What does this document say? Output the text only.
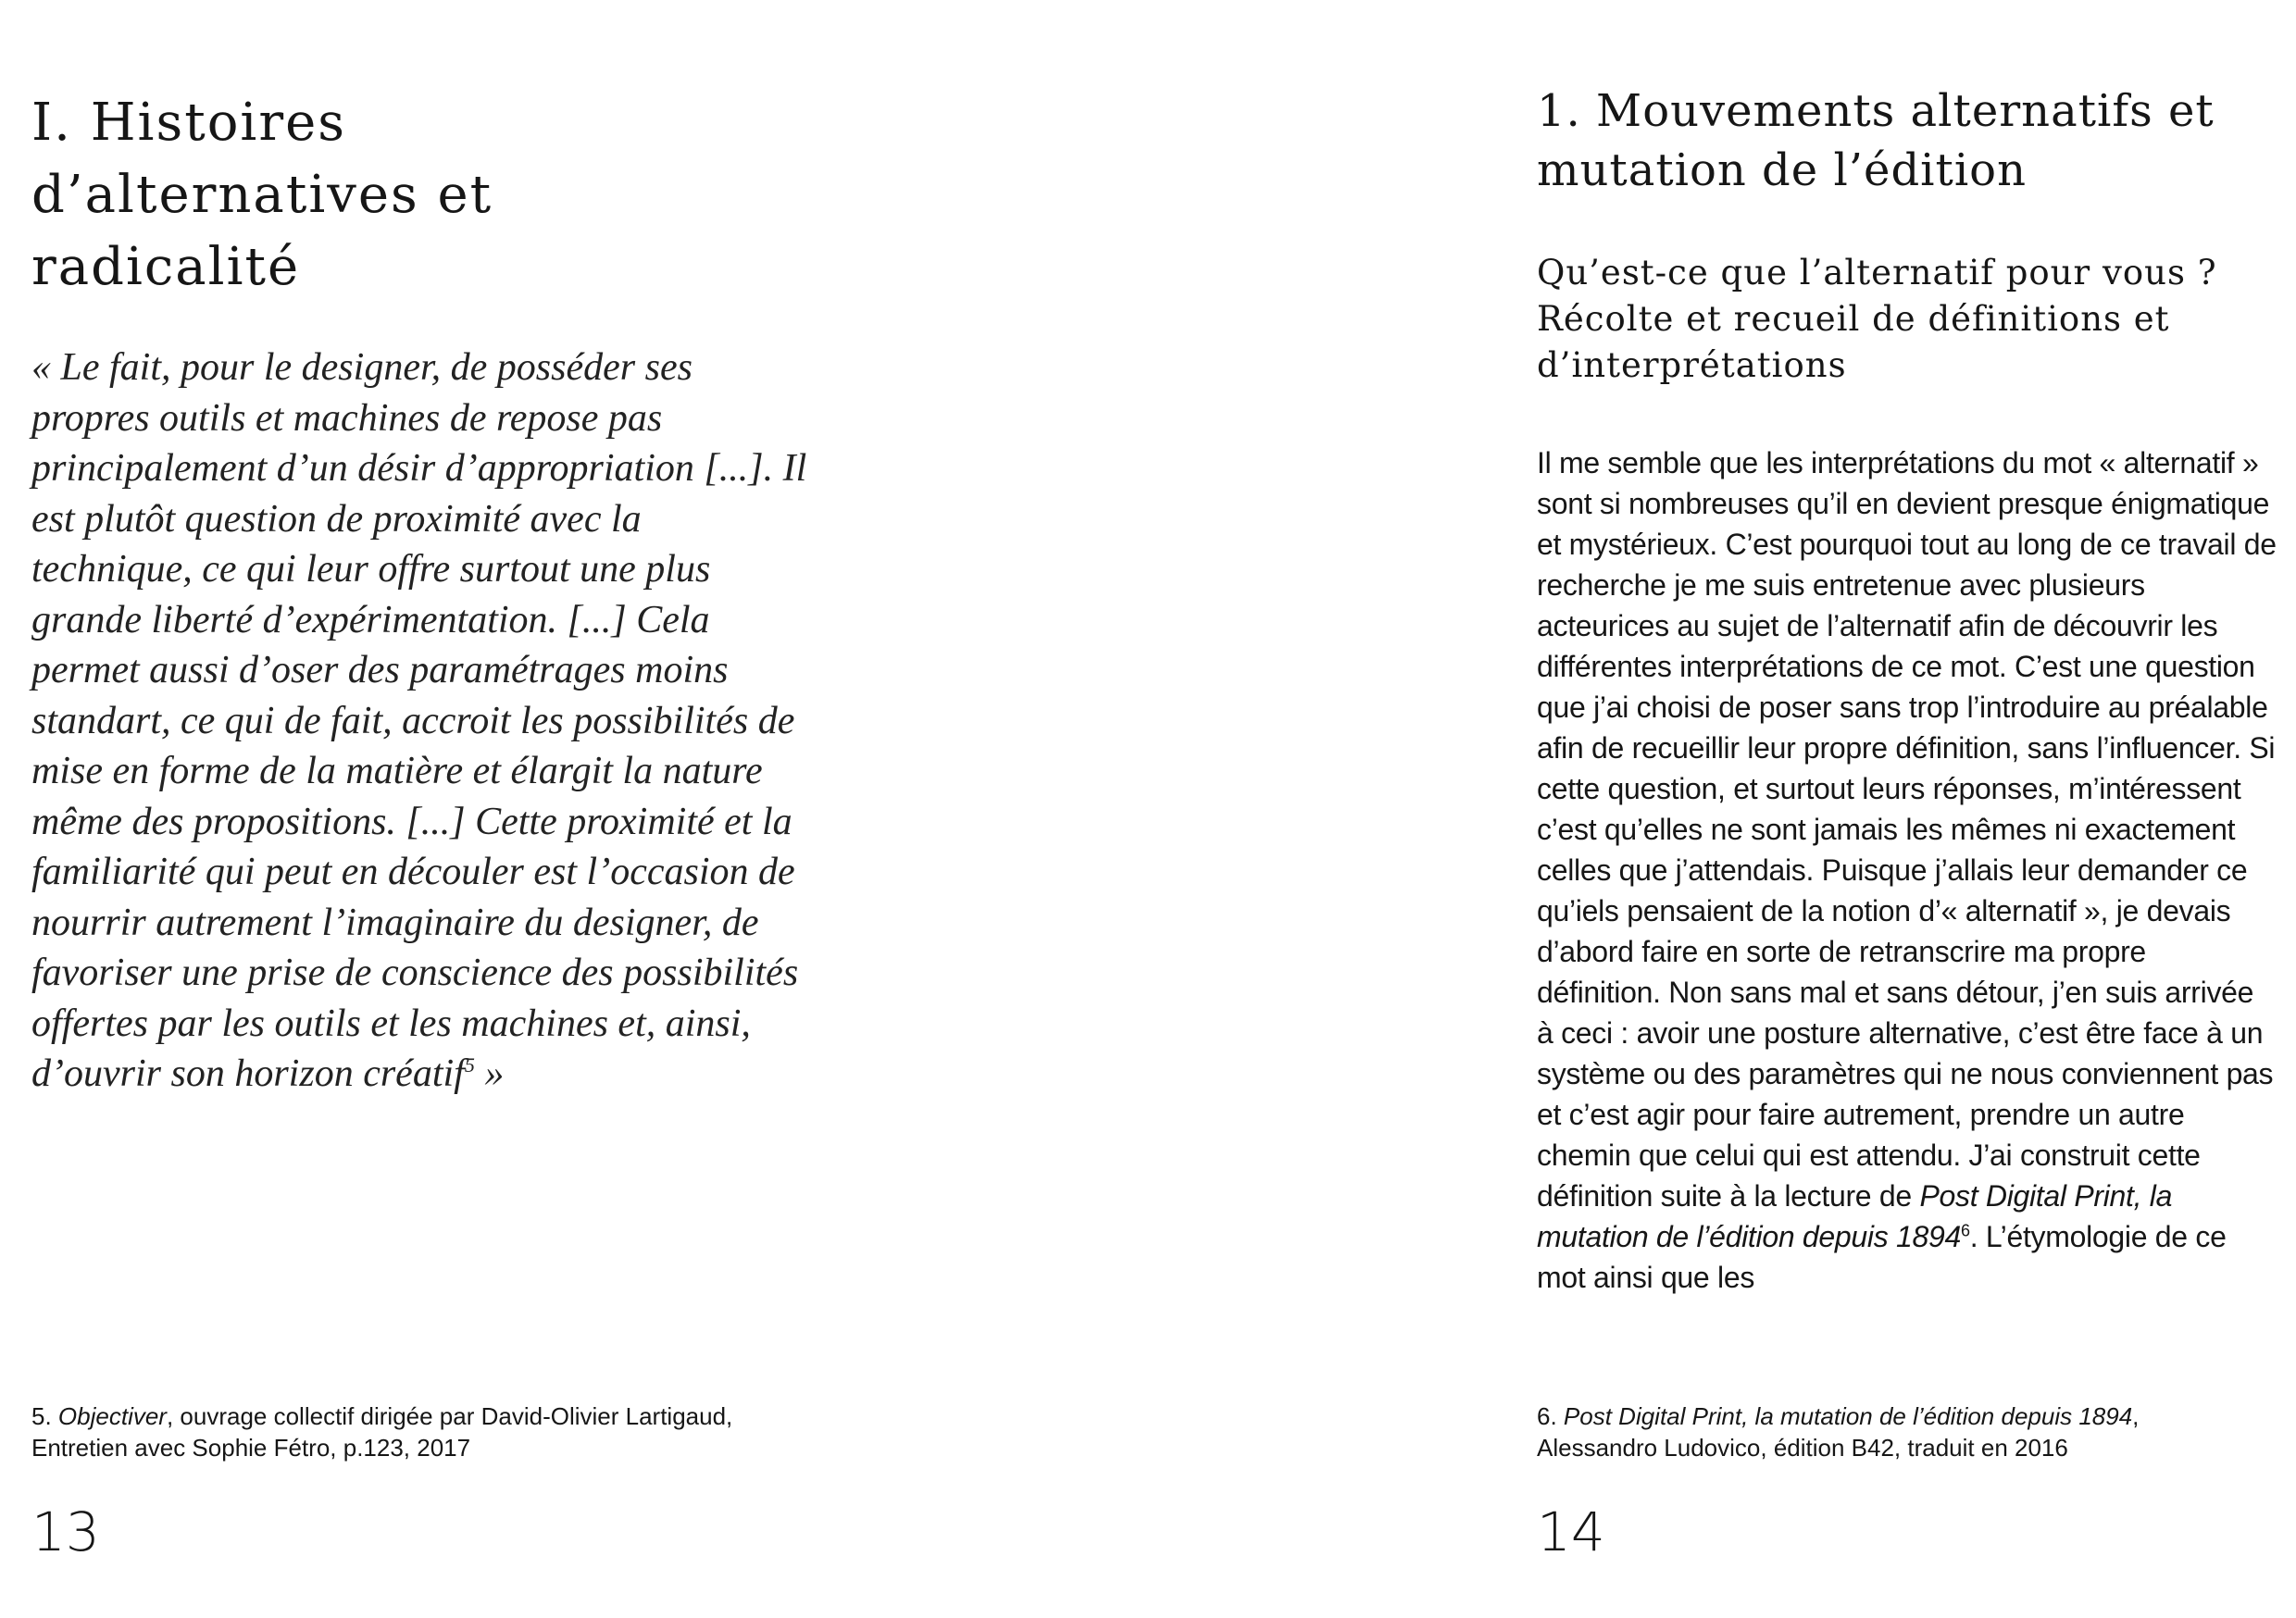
I. Histoires d’alternatives et radicalité

« Le fait, pour le designer, de posséder ses propres outils et machines de repose pas principalement d’un désir d’appropriation [...]. Il est plutôt question de proximité avec la technique, ce qui leur offre surtout une plus grande liberté d’expérimentation. [...] Cela permet aussi d’oser des paramétrages moins standart, ce qui de fait, accroit les possibilités de mise en forme de la matière et élargit la nature même des propositions. [...] Cette proximité et la familiarité qui peut en découler est l’occasion de nourrir autrement l’imaginaire du designer, de favoriser une prise de conscience des possibilités offertes par les outils et les machines et, ainsi, d’ouvrir son horizon créatif$^5$ »

5. Objectiver, ouvrage collectif dirigée par David-Olivier Lartigaud, Entretien avec Sophie Fétro, p.123, 2017

13
1. Mouvements alternatifs et mutation de l’édition
Qu’est-ce que l’alternatif pour vous ? Récolte et recueil de définitions et d’interprétations

Il me semble que les interprétations du mot « alternatif » sont si nombreuses qu’il en devient presque énigmatique et mystérieux. C’est pourquoi tout au long de ce travail de recherche je me suis entretenue avec plusieurs acteurices au sujet de l’alternatif afin de découvrir les différentes interprétations de ce mot. C’est une question que j’ai choisi de poser sans trop l’introduire au préalable afin de recueillir leur propre définition, sans l’influencer. Si cette question, et surtout leurs réponses, m’intéressent c’est qu’elles ne sont jamais les mêmes ni exactement celles que j’attendais. Puisque j’allais leur demander ce qu’iels pensaient de la notion d’« alternatif », je devais d’abord faire en sorte de retranscrire ma propre définition. Non sans mal et sans détour, j’en suis arrivée à ceci : avoir une posture alternative, c’est être face à un système ou des paramètres qui ne nous conviennent pas et c’est agir pour faire autrement, prendre un autre chemin que celui qui est attendu. J’ai construit cette définition suite à la lecture de Post Digital Print, la mutation de l’édition depuis 1894$^6$. L’étymologie de ce mot ainsi que les

6. Post Digital Print, la mutation de l’édition depuis 1894, Alessandro Ludovico, édition B42, traduit en 2016

14
